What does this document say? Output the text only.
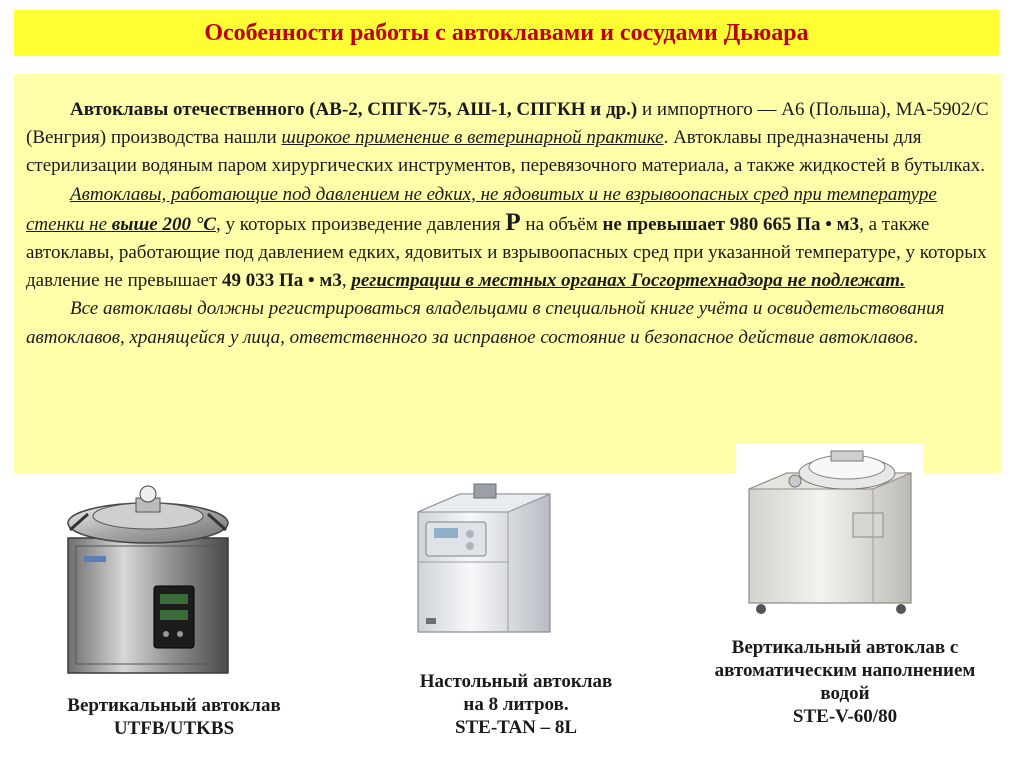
Особенности работы с автоклавами и сосудами Дьюара

Автоклавы отечественного (АВ-2, СПГК-75, АШ-1, СПГКН и др.) и импортного — А6 (Польша), МА-5902/С (Венгрия) производства нашли широкое применение в ветеринарной практике. Автоклавы предназначены для стерилизации водяным паром хирургических инструментов, перевязочного материала, а также жидкостей в бутылках.

Автоклавы, работающие под давлением не едких, не ядовитых и не взрывоопасных сред при температуре стенки не выше 200 °С, у которых произведение давления Р на объём не превышает 980 665 Па • м3, а также автоклавы, работающие под давлением едких, ядовитых и взрывоопасных сред при указанной температуре, у которых давление не превышает 49 033 Па • м3, регистрации в местных органах Госгортехнадзора не подлежат.

Все автоклавы должны регистрироваться владельцами в специальной книге учёта и освидетельствования автоклавов, хранящейся у лица, ответственного за исправное состояние и безопасное действие автоклавов.

Вертикальный автоклав
UTFB/UTKBS
Настольный автоклав
на 8 литров.
STE-TAN – 8L
Вертикальный автоклав с
автоматическим наполнением
водой
STE-V-60/80
